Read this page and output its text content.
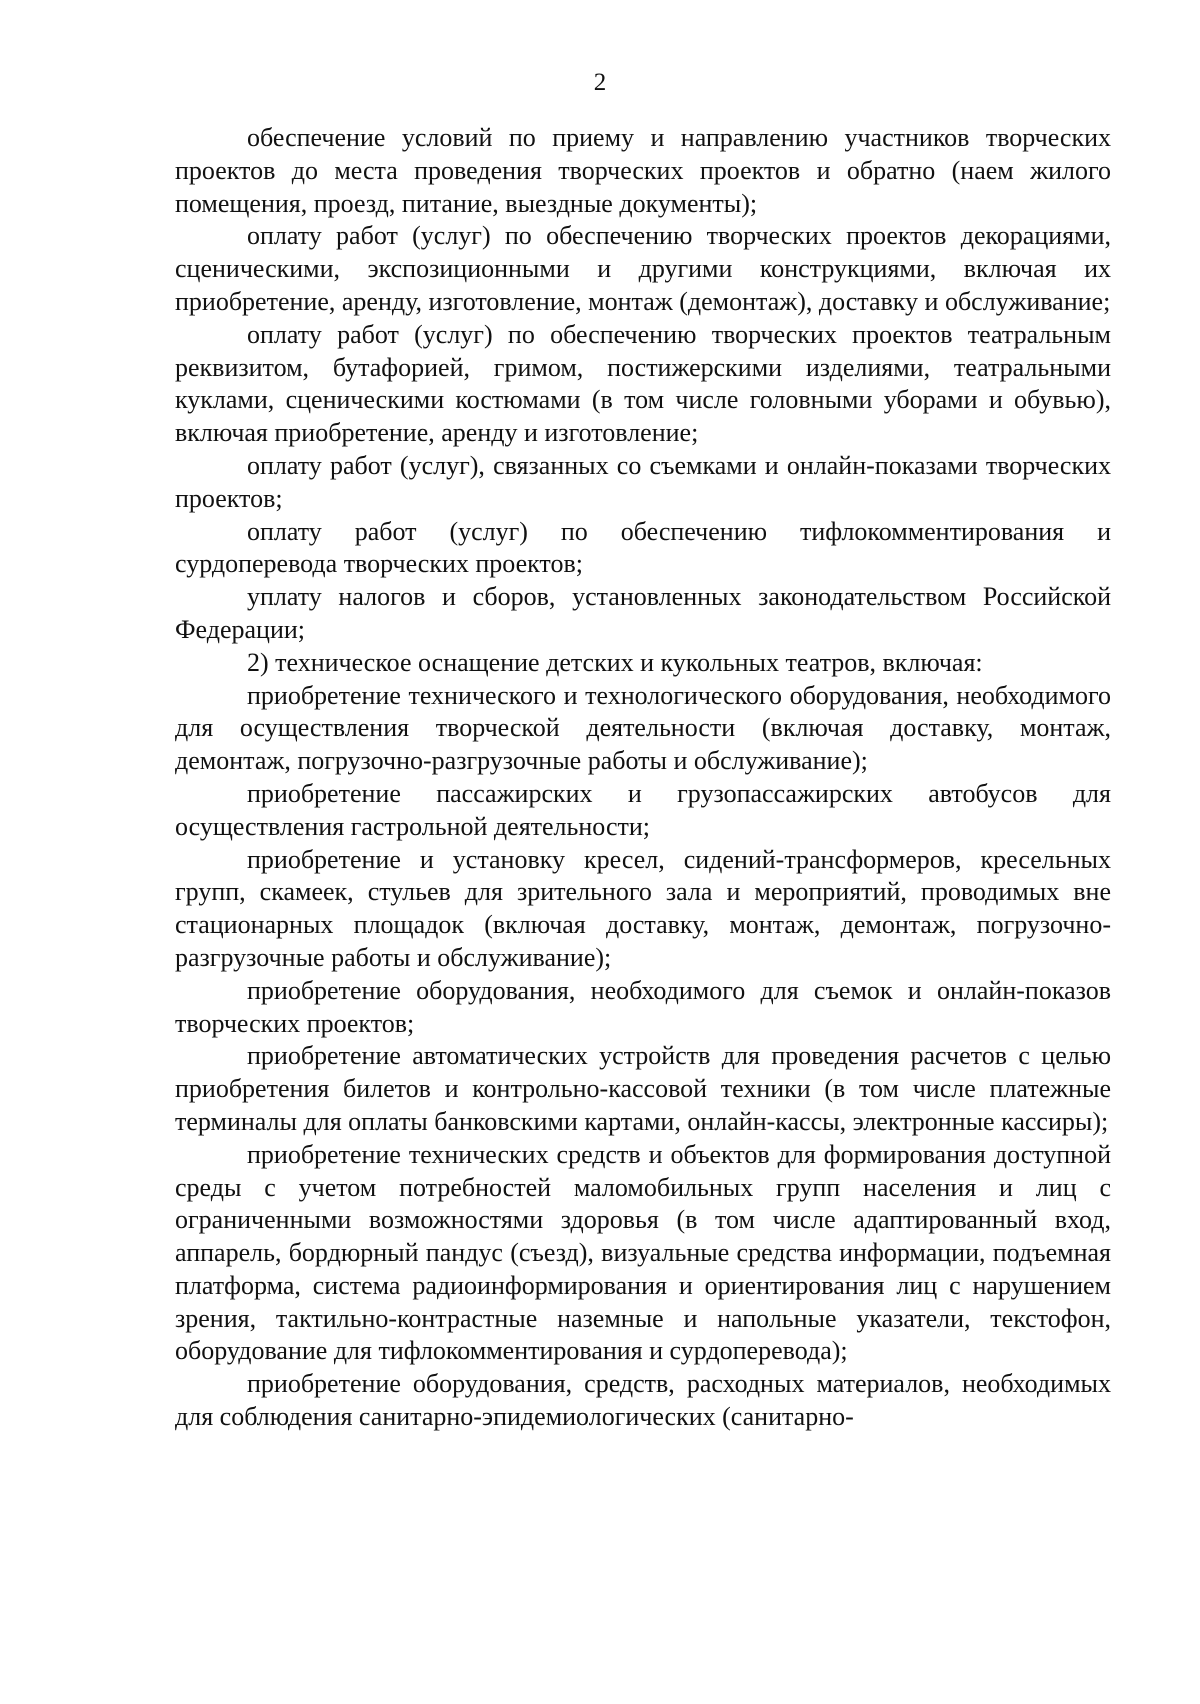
2

обеспечение условий по приему и направлению участников творческих проектов до места проведения творческих проектов и обратно (наем жилого помещения, проезд, питание, выездные документы);

оплату работ (услуг) по обеспечению творческих проектов декорациями, сценическими, экспозиционными и другими конструкциями, включая их приобретение, аренду, изготовление, монтаж (демонтаж), доставку и обслуживание;

оплату работ (услуг) по обеспечению творческих проектов театральным реквизитом, бутафорией, гримом, постижерскими изделиями, театральными куклами, сценическими костюмами (в том числе головными уборами и обувью), включая приобретение, аренду и изготовление;

оплату работ (услуг), связанных со съемками и онлайн-показами творческих проектов;

оплату работ (услуг) по обеспечению тифлокомментирования и сурдоперевода творческих проектов;

уплату налогов и сборов, установленных законодательством Российской Федерации;

2) техническое оснащение детских и кукольных театров, включая:

приобретение технического и технологического оборудования, необходимого для осуществления творческой деятельности (включая доставку, монтаж, демонтаж, погрузочно-разгрузочные работы и обслуживание);

приобретение пассажирских и грузопассажирских автобусов для осуществления гастрольной деятельности;

приобретение и установку кресел, сидений-трансформеров, кресельных групп, скамеек, стульев для зрительного зала и мероприятий, проводимых вне стационарных площадок (включая доставку, монтаж, демонтаж, погрузочно-разгрузочные работы и обслуживание);

приобретение оборудования, необходимого для съемок и онлайн-показов творческих проектов;

приобретение автоматических устройств для проведения расчетов с целью приобретения билетов и контрольно-кассовой техники (в том числе платежные терминалы для оплаты банковскими картами, онлайн-кассы, электронные кассиры);

приобретение технических средств и объектов для формирования доступной среды с учетом потребностей маломобильных групп населения и лиц с ограниченными возможностями здоровья (в том числе адаптированный вход, аппарель, бордюрный пандус (съезд), визуальные средства информации, подъемная платформа, система радиоинформирования и ориентирования лиц с нарушением зрения, тактильно-контрастные наземные и напольные указатели, текстофон, оборудование для тифлокомментирования и сурдоперевода);

приобретение оборудования, средств, расходных материалов, необходимых для соблюдения санитарно-эпидемиологических (санитарно-
